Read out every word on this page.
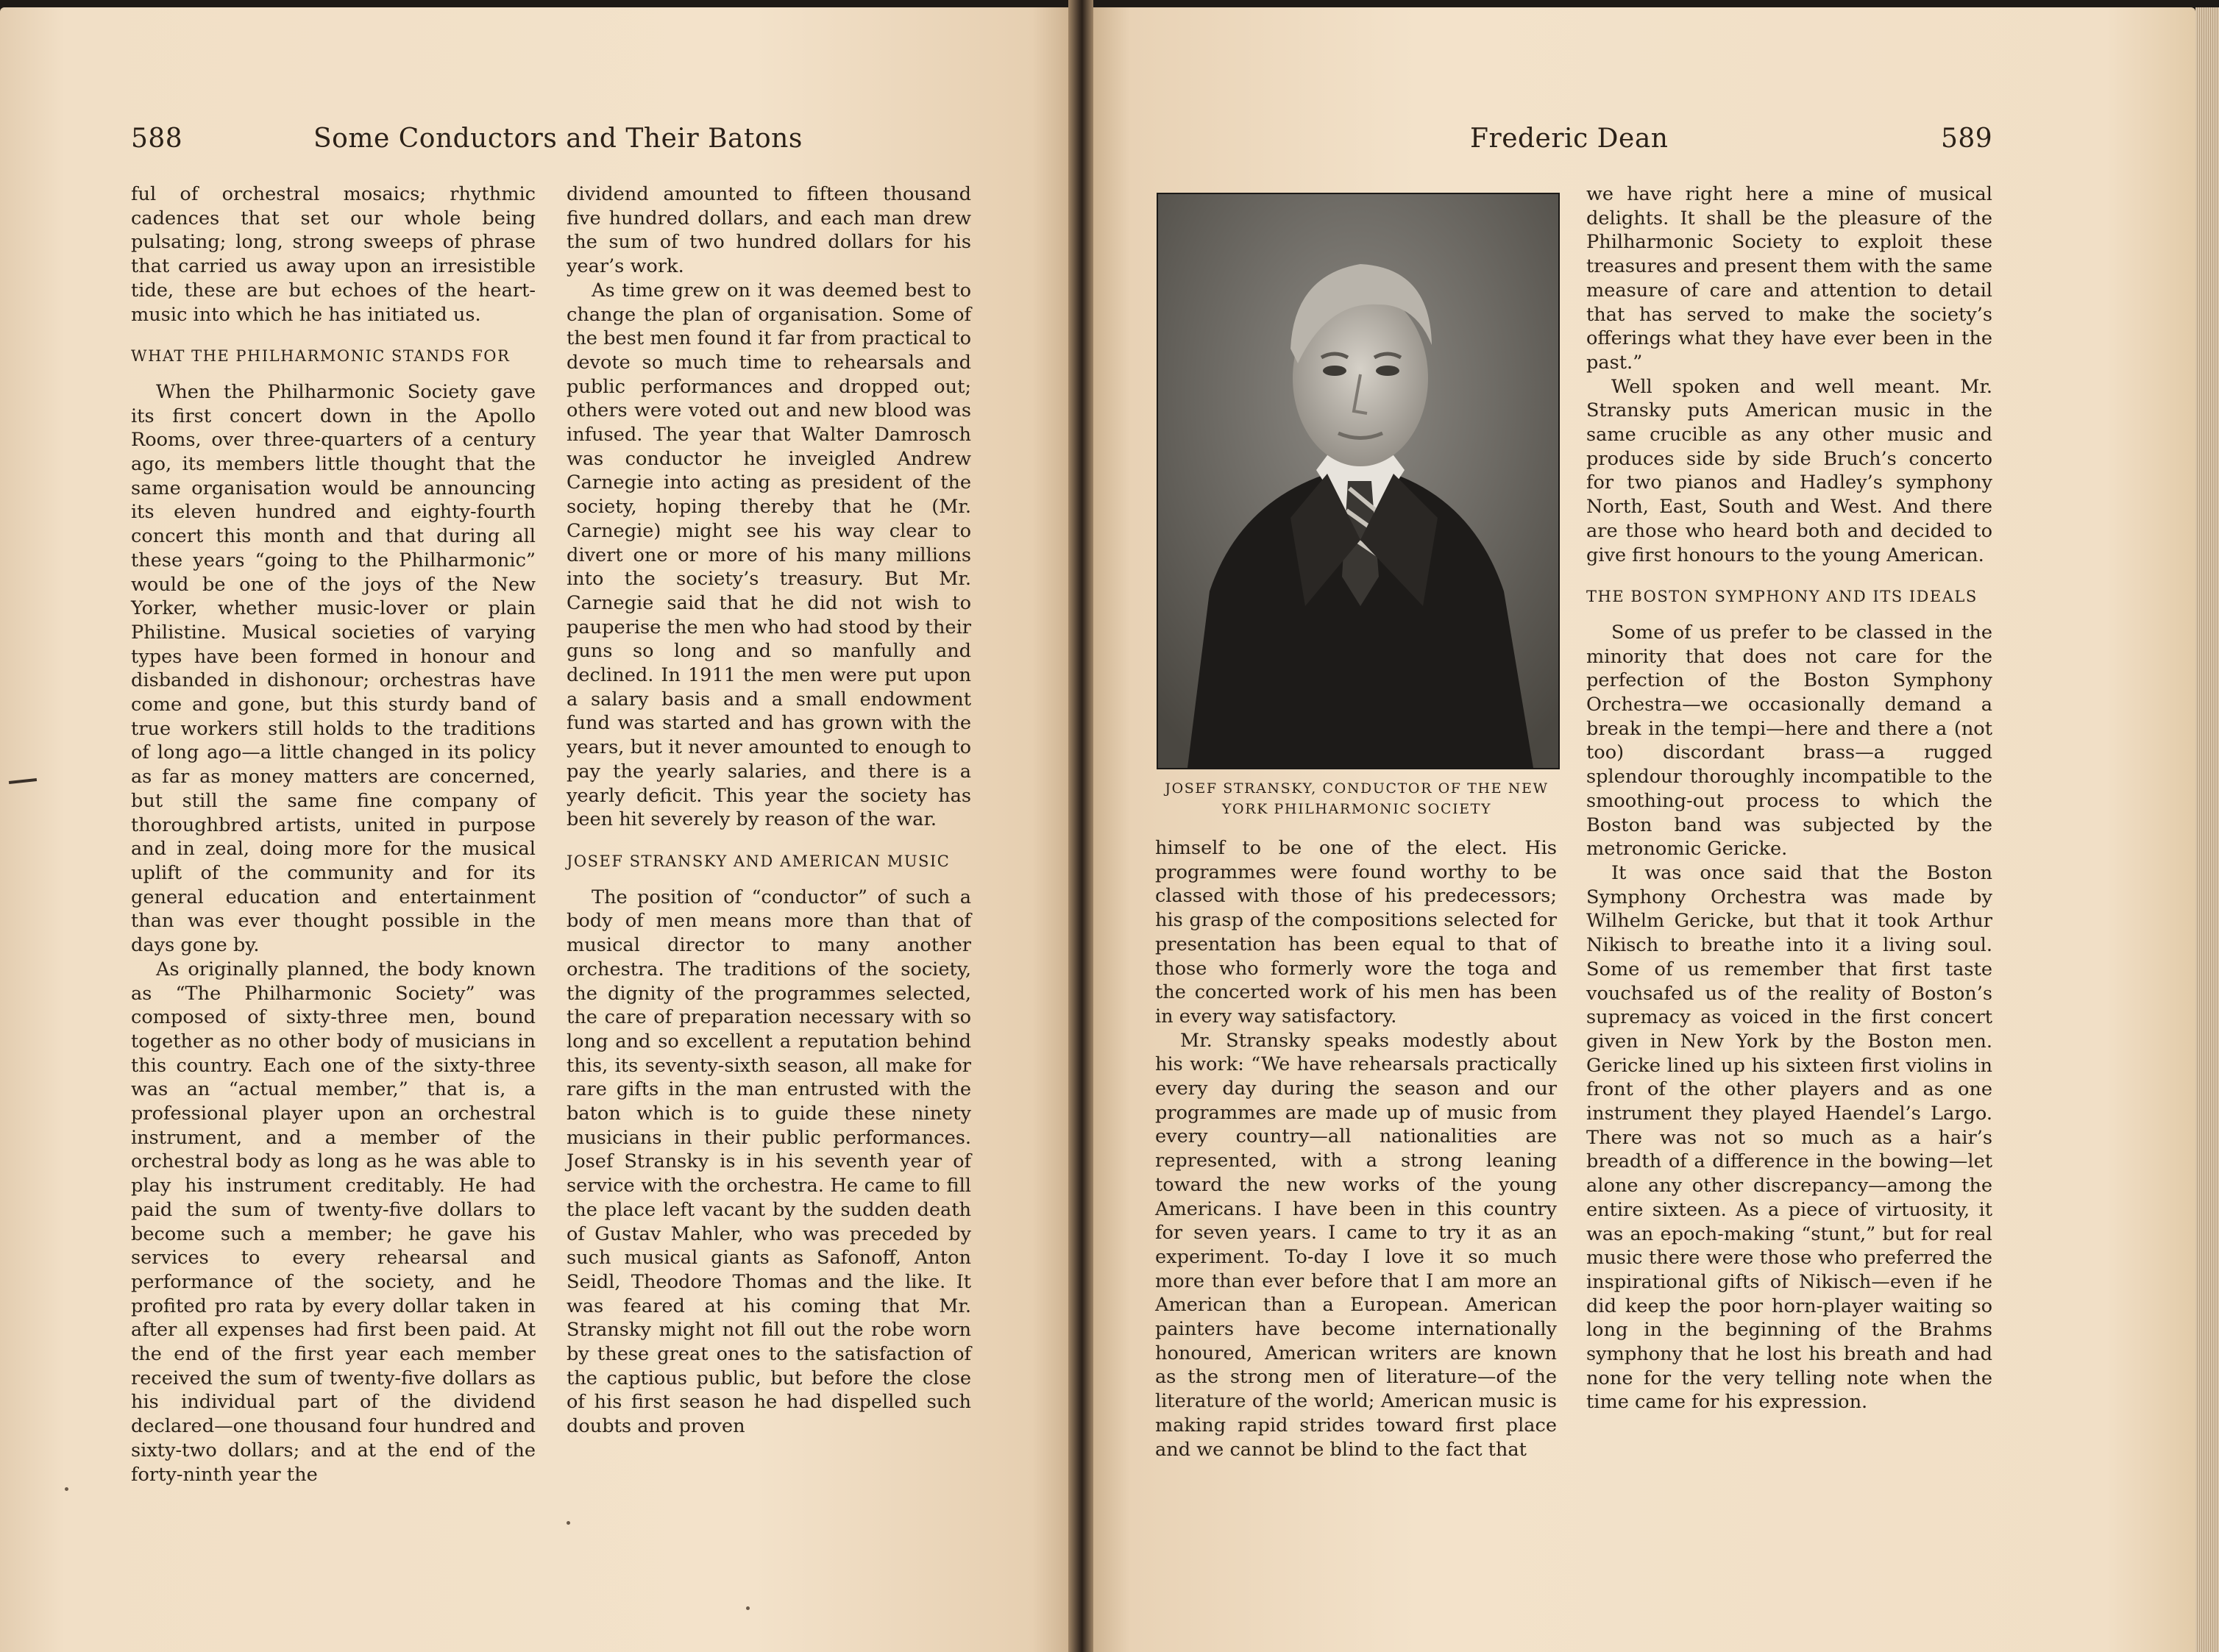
588	Some Conductors and Their Batons	Frederic Dean	589

ful of orchestral mosaics; rhythmic cadences that set our whole being pulsating; long, strong sweeps of phrase that carried us away upon an irresistible tide, these are but echoes of the heart-music into which he has initiated us.

WHAT THE PHILHARMONIC STANDS FOR

When the Philharmonic Society gave its first concert down in the Apollo Rooms, over three-quarters of a century ago, its members little thought that the same organisation would be announcing its eleven hundred and eighty-fourth concert this month and that during all these years “going to the Philharmonic” would be one of the joys of the New Yorker, whether music-lover or plain Philistine. Musical societies of varying types have been formed in honour and disbanded in dishonour; orchestras have come and gone, but this sturdy band of true workers still holds to the traditions of long ago—a little changed in its policy as far as money matters are concerned, but still the same fine company of thoroughbred artists, united in purpose and in zeal, doing more for the musical uplift of the community and for its general education and entertainment than was ever thought possible in the days gone by.

As originally planned, the body known as “The Philharmonic Society” was composed of sixty-three men, bound together as no other body of musicians in this country. Each one of the sixty-three was an “actual member,” that is, a professional player upon an orchestral instrument, and a member of the orchestral body as long as he was able to play his instrument creditably. He had paid the sum of twenty-five dollars to become such a member; he gave his services to every rehearsal and performance of the society, and he profited pro rata by every dollar taken in after all expenses had first been paid. At the end of the first year each member received the sum of twenty-five dollars as his individual part of the dividend declared—one thousand four hundred and sixty-two dollars; and at the end of the forty-ninth year the

dividend amounted to fifteen thousand five hundred dollars, and each man drew the sum of two hundred dollars for his year’s work.

As time grew on it was deemed best to change the plan of organisation. Some of the best men found it far from practical to devote so much time to rehearsals and public performances and dropped out; others were voted out and new blood was infused. The year that Walter Damrosch was conductor he inveigled Andrew Carnegie into acting as president of the society, hoping thereby that he (Mr. Carnegie) might see his way clear to divert one or more of his many millions into the society’s treasury. But Mr. Carnegie said that he did not wish to pauperise the men who had stood by their guns so long and so manfully and declined. In 1911 the men were put upon a salary basis and a small endowment fund was started and has grown with the years, but it never amounted to enough to pay the yearly salaries, and there is a yearly deficit. This year the society has been hit severely by reason of the war.

JOSEF STRANSKY AND AMERICAN MUSIC

The position of “conductor” of such a body of men means more than that of musical director to many another orchestra. The traditions of the society, the dignity of the programmes selected, the care of preparation necessary with so long and so excellent a reputation behind this, its seventy-sixth season, all make for rare gifts in the man entrusted with the baton which is to guide these ninety musicians in their public performances. Josef Stransky is in his seventh year of service with the orchestra. He came to fill the place left vacant by the sudden death of Gustav Mahler, who was preceded by such musical giants as Safonoff, Anton Seidl, Theodore Thomas and the like. It was feared at his coming that Mr. Stransky might not fill out the robe worn by these great ones to the satisfaction of the captious public, but before the close of his first season he had dispelled such doubts and proven

himself to be one of the elect. His programmes were found worthy to be classed with those of his predecessors; his grasp of the compositions selected for presentation has been equal to that of those who formerly wore the toga and the concerted work of his men has been in every way satisfactory.

Mr. Stransky speaks modestly about his work: “We have rehearsals practically every day during the season and our programmes are made up of music from every country—all nationalities are represented, with a strong leaning toward the new works of the young Americans. I have been in this country for seven years. I came to try it as an experiment. To-day I love it so much more than ever before that I am more an American than a European. American painters have become internationally honoured, American writers are known as the strong men of literature—of the literature of the world; American music is making rapid strides toward first place and we cannot be blind to the fact that

we have right here a mine of musical delights. It shall be the pleasure of the Philharmonic Society to exploit these treasures and present them with the same measure of care and attention to detail that has served to make the society’s offerings what they have ever been in the past.”

Well spoken and well meant. Mr. Stransky puts American music in the same crucible as any other music and produces side by side Bruch’s concerto for two pianos and Hadley’s symphony North, East, South and West. And there are those who heard both and decided to give first honours to the young American.

THE BOSTON SYMPHONY AND ITS IDEALS

Some of us prefer to be classed in the minority that does not care for the perfection of the Boston Symphony Orchestra—we occasionally demand a break in the tempi—here and there a (not too) discordant brass—a rugged splendour thoroughly incompatible to the smoothing-out process to which the Boston band was subjected by the metronomic Gericke.

It was once said that the Boston Symphony Orchestra was made by Wilhelm Gericke, but that it took Arthur Nikisch to breathe into it a living soul. Some of us remember that first taste vouchsafed us of the reality of Boston’s supremacy as voiced in the first concert given in New York by the Boston men. Gericke lined up his sixteen first violins in front of the other players and as one instrument they played Haendel’s Largo. There was not so much as a hair’s breadth of a difference in the bowing—let alone any other discrepancy—among the entire sixteen. As a piece of virtuosity, it was an epoch-making “stunt,” but for real music there were those who preferred the inspirational gifts of Nikisch—even if he did keep the poor horn-player waiting so long in the beginning of the Brahms symphony that he lost his breath and had none for the very telling note when the time came for his expression.

JOSEF STRANSKY, CONDUCTOR OF THE NEW YORK PHILHARMONIC SOCIETY
